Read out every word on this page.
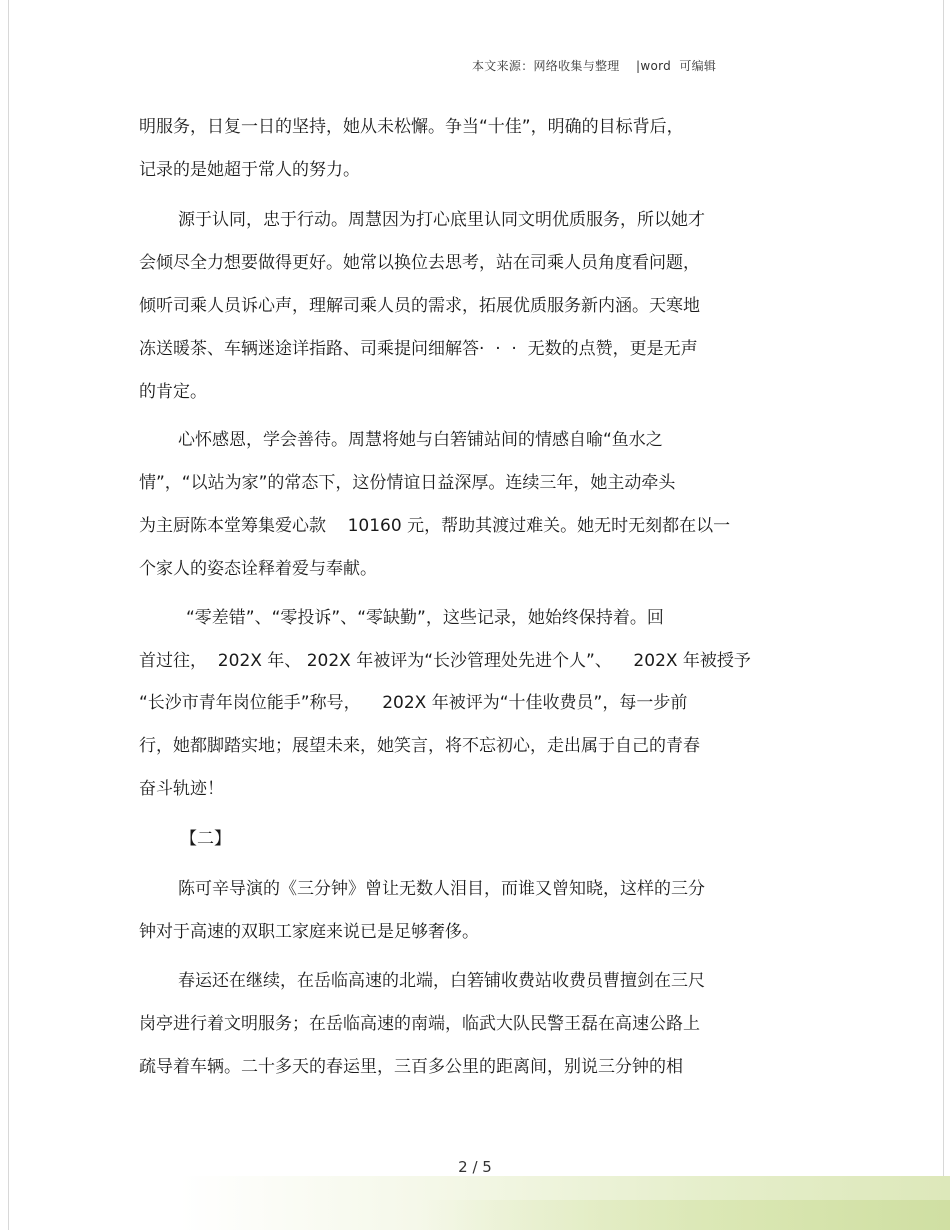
本文来源：网络收集与整理    |word  可编辑
明服务，日复一日的坚持，她从未松懈。争当“十佳”，明确的目标背后，
记录的是她超于常人的努力。
源于认同，忠于行动。周慧因为打心底里认同文明优质服务，所以她才
会倾尽全力想要做得更好。她常以换位去思考，站在司乘人员角度看问题，
倾听司乘人员诉心声，理解司乘人员的需求，拓展优质服务新内涵。天寒地
冻送暖茶、车辆迷途详指路、司乘提问细解答·  ·  ·  无数的点赞，更是无声
的肯定。
心怀感恩，学会善待。周慧将她与白箬铺站间的情感自喻“鱼水之
情”，“以站为家”的常态下，这份情谊日益深厚。连续三年，她主动牵头
为主厨陈本堂筹集爱心款    10160 元，帮助其渡过难关。她无时无刻都在以一
个家人的姿态诠释着爱与奉献。
“零差错”、“零投诉”、“零缺勤”，这些记录，她始终保持着。回
首过往，  202X 年、 202X 年被评为“长沙管理处先进个人”、    202X 年被授予
“长沙市青年岗位能手”称号，    202X 年被评为“十佳收费员”，每一步前
行，她都脚踏实地；展望未来，她笑言，将不忘初心，走出属于自己的青春
奋斗轨迹！
【二】
陈可辛导演的《三分钟》曾让无数人泪目，而谁又曾知晓，这样的三分
钟对于高速的双职工家庭来说已是足够奢侈。
春运还在继续，在岳临高速的北端，白箬铺收费站收费员曹擅剑在三尺
岗亭进行着文明服务；在岳临高速的南端，临武大队民警王磊在高速公路上
疏导着车辆。二十多天的春运里，三百多公里的距离间，别说三分钟的相
2 / 5
